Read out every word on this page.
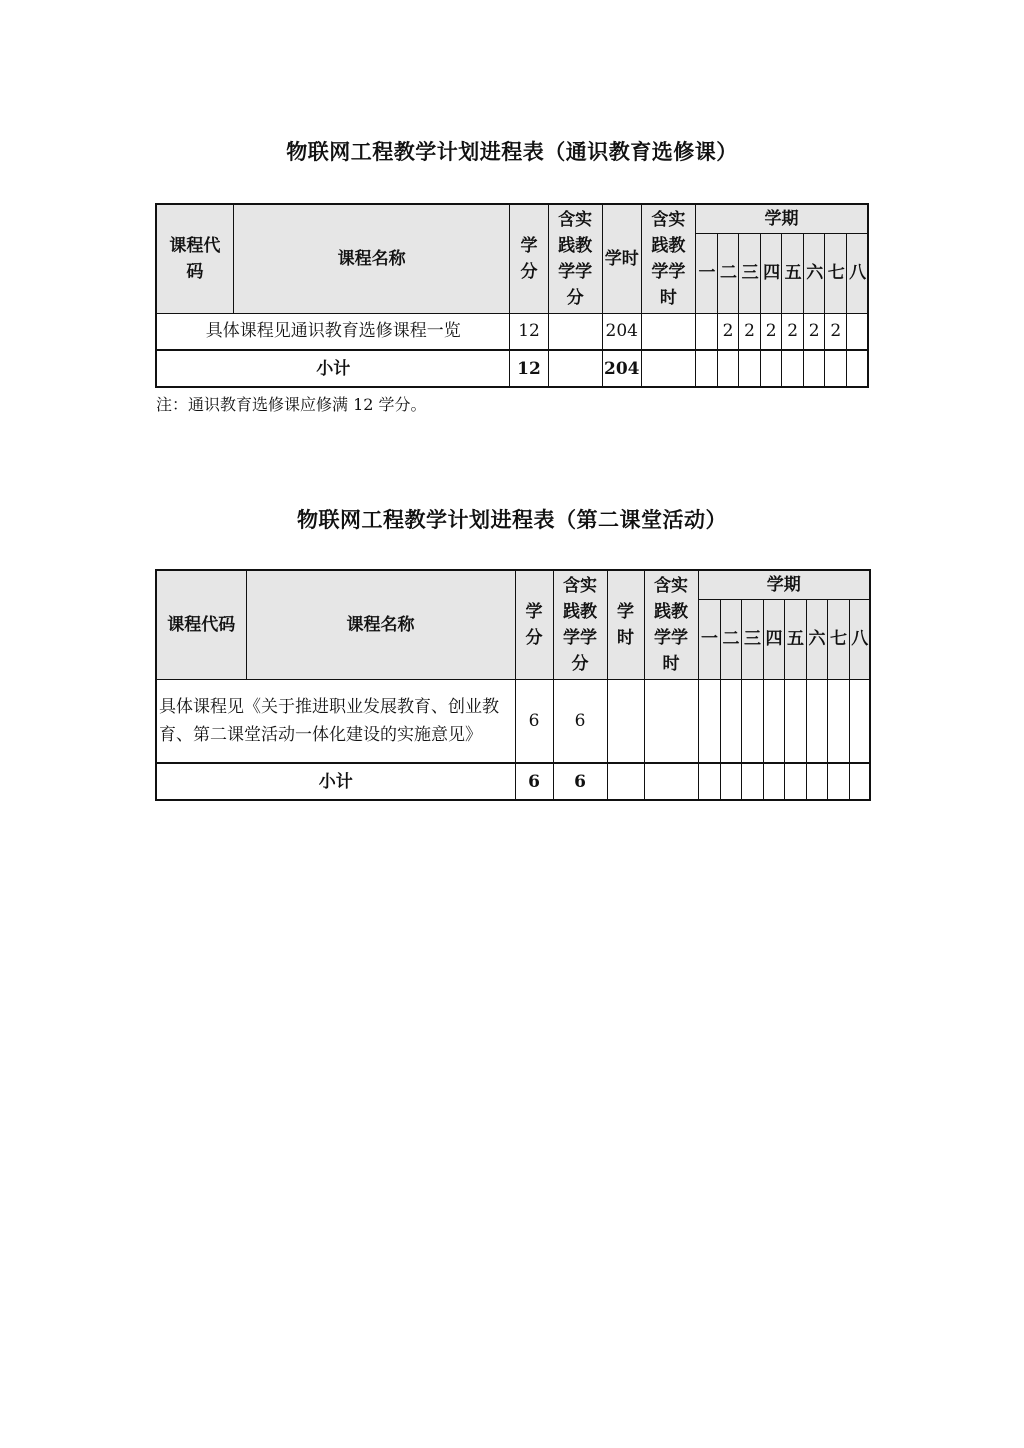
物联网工程教学计划进程表（通识教育选修课）
课程代码	课程名称	学分	含实践教学学分	学时	含实践教学学时	学期							
						一	二	三	四	五	六	七	八
具体课程见通识教育选修课程一览		12		204			2	2	2	2	2	2	
小计		12		204									
注：通识教育选修课应修满 12 学分。
物联网工程教学计划进程表（第二课堂活动）
课程代码	课程名称	学分	含实践教学学分	学时	含实践教学学时	学期							
						一	二	三	四	五	六	七	八
具体课程见《关于推进职业发展教育、创业教育、第二课堂活动一体化建设的实施意见》		6	6										
小计		6	6										
